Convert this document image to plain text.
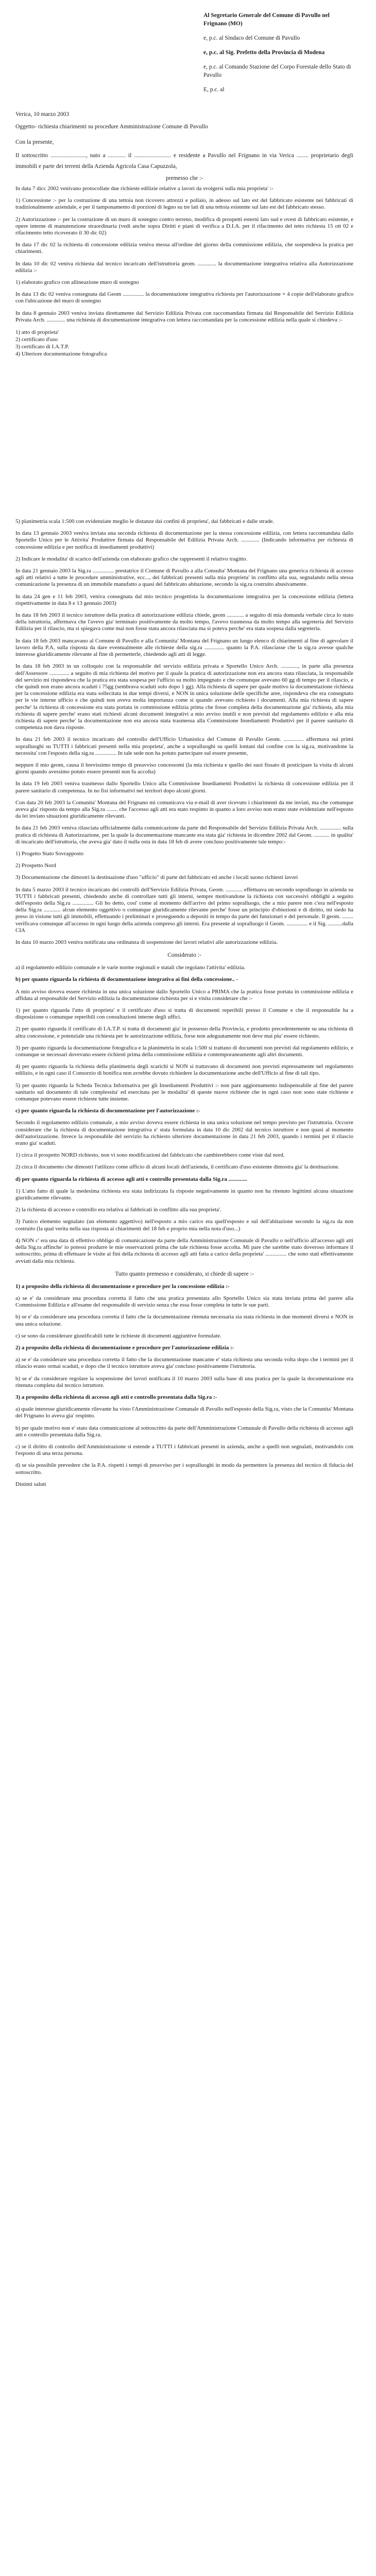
Al Segretario Generale del Comune di Pavullo nel Frignano (MO)
e, p.c. al Sindaco del Comune di Pavullo
e, p.c. al Sig. Prefetto della Provincia di Modena
e, p.c. al Comando Stazione del Corpo Forestale dello Stato di Pavullo
E, p.c. al
Verica, 10 marzo 2003
Oggetto- richiesta chiarimenti su procedure Amministrazione Comune di Pavullo
Con la presente,
Il sottoscritto ........................, nato a ............ il ......................... e residente a Pavullo nel Frignano in via Verica ........ proprietario degli immobili e parte dei terreni della Azienda Agricola Casa Capuzzola,
premesso che :-

In data 7 dicc 2002 venivano protocollate due richieste edilizie relative a lavori da svolgersi sulla mia proprieta' :-

1) Concessione :- per la costruzione di una tettoia non ricovero attrezzi e pollaio, in adesso sul lato est del fabbricato esistente nei fabbricati di tradizionalmente aziendale, e per il tamponamento di porzioni di legno su tre lati di una tettoia esistente sul lato est del fabbricato stesso.

2) Autorizzazione :- per la costruzione di un muro di sostegno contro terreno, modifica di prospetti esterni lato sud e ovest di fabbricato esistente, e opere interne di manutenzione straordinaria (vedi anche sopra Diritti e piani di verifica a D.I.A. per il rifacimento del tetto richiesta 15 ott 02 e rifacimento tetto ricoverato il 30 dic 02)

In data 17 dic 02 la richiesta di concessione edilizia veniva messa all'ordine del giorno della commissione edilizia, che sospendeva la pratica per chiarimenti.

In data 10 dic 02 veniva richiesta dal tecnico incaricato dell'istruttoria geom. ............. la documentazione integrativa relativa alla Autorizzazione edilizia :-

1) elaborato grafico con allineazione muro di sostegno

In data 13 dic 02 veniva consegnata dal Geom ............... la documentazione integrativa richiesta per l'autorizzazione + 4 copie dell'elaborato grafico con l'ubicazione del muro di sostegno

In data 8 gennaio 2003 veniva inviata direttamente dal Servizio Edilizia Privata con raccomandata firmata dal Responsabile del Servizio Edilizia Privata Arch. ............. una richiesta di documentazione integrativa con lettera raccomandata per la concessione edilizia nella quale si chiedeva :-

1) atto di proprieta'
2) certificato d'uso
3) certificato di I.A.T.P.
4) Ulteriore documentazione fotografica

5) planimetria scala 1:500 con evidenziate meglio le distanze dai confini di proprieta', dai fabbricati e dalle strade.

In data 13 gennaio 2003 veniva inviata una seconda richiesta di documentazione per la stessa concessione edilizia, con lettera raccomandata dallo Sportello Unico per le Attivita' Produttive firmata dal Responsabile del Edilizia Privata Arch. ............. (Indicando informativa per richiesta di concessione edilizia e per notifica di insediamenti produttivi)

2) Indicare le modalita' di scarico dell'azienda con elaborato grafico che rappresenti il relativo tragitto.

In data 21 gennaio 2003 la Sig.ra ............... prestatrice il Comune di Pavullo a alla Consulta' Montana del Frignano una generica richiesta di accesso agli atti relativi a tutte le procedure amministrative, ecc..., dei fabbricati presenti sulla mia proprieta' in conflitto alla sua, segnalando nella stessa comunicazione la presenza di un immobile manufatto a quasi del fabbricato abitazione, secondo la sig.ra costruito abusivamente.

In data 24 gen e 11 feb 2003, veniva consegnata dal mio tecnico progettista la documentazione integrativa per la concessione edilizia (lettera rispettivamente in data 8 e 13 gennaio 2003)

In data 18 feb 2003 il tecnico istruttore della pratica di autorizzazione edilizia chiede, geom ............ a seguito di mia domanda verbale circa lo stato della istruttoria, affermava che l'avevo gia' terminato positivamente da molto tempo, l'avevo trasmessa da molto tempo alla segreteria del Servizio Edilizia per il rilascio, ma si spiegava come mai non fosse stata ancora rilasciata ma si poteva perche' era stata sospesa dalla segreteria.

In data 18 feb 2003 mancavano al Comune di Pavullo e alla Comunita' Montana del Frignano un lungo elenco di chiarimenti al fine di agevolare il lavoro della P.A. sulla risposta da dare eventualmente alle richieste della sig.ra .............. quanto la P.A. rilasciasse che la sig.ra avesse qualche interesse giuridicamente rilevante al fine di permetterle, chiedendo agli atti di legge.

In data 18 feb 2003 in un colloquio con la responsabile del servizio edilizia privata e Sportello Unico Arch. ............, in parte alla presenza dell'Assessore .............. a seguito di mia richiesta del motivo per il quale la pratica di autorizzazione non era ancora stata rilasciata, la responsabile del servizio mi rispondeva che la pratica era stata sospesa per l'ufficio su molto impegnato e che comunque avevano 60 gg di tempo per il rilascio, e che quindi non erano ancora scaduti i 75gg (sembrava scaduti solo dopo 1 gg). Alla richiesta di sapere per quale motivo la documentazione richiesta per la concessione edilizia era stata sollecitata in due tempi diversi, e NON in unica soluzione delle specifiche aree, rispondeva che era consegnato per le vie interne ufficio e che quindi non aveva molta importanza come si quando avevano richiesto i documenti. Alla mia richiesta di sapere perche' la richiesta di concessione era stata portata in commissione edilizia prima che fosse completa della documentazione gia' richiesta, alla mia richiesta di sapere perche' erano stati richiesti alcuni documenti integrativi a mio avviso inutili e non previsti dal regolamento edilizio e alla mia richiesta di sapere perche' la documentazione non era ancora stata trasmessa alla Commissione Insediamenti Produttivi per il parere sanitario di competenza non dava risposte.

In data 21 feb 2003 il tecnico incaricato del controllo dell'Ufficio Urbanistica del Comune di Pavullo Geom. .............. affermava sui primi sopralluoghi su TUTTI i fabbricati presenti nella mia proprieta', anche a sopralluoghi su quelli lontani dal confine con la sig.ra, motivandone la necessita' con l'esposto della sig.ra ............... In tale sede non ha potuto partecipare sul essere presente,

neppure il mio geom, causa il brevissimo tempo di preavviso concessomi (la mia richiesta e quello dei suoi fissato di posticipare la visita di alcuni giorni quando avessimo potuto essere presenti non fu accolta)

In data 19 feb 2003 veniva trasmesso dallo Sportello Unico alla Commissione Insediamenti Produttivi la richiesta di concessione edilizia per il parere sanitario di competenza. In no fisi informativi nei territori dopo alcuni giorni.

Con data 20 feb 2003 la Comunita' Montana del Frignano mi comunicava via e-mail di aver ricevuto i chiarimenti da me inviati, ma che comunque aveva gia' risposto da tempo alla Sig.ra ........ che l'accesso agli atti era stato respinto in quanto a loro avviso non erano state evidenziate nell'esposto da lei inviato situazioni giuridicamente rilevanti.

In data 21 feb 2003 veniva rilasciata ufficialmente dalla comunicazione da parte del Responsabile del Servizio Edilizia Privata Arch. ............... sulla pratica di richiesta di Autorizzazione, per la quale la documentazione mancante era stata gia' richiesta in dicembre 2002 dal Geom. ........... in qualita' di incaricato dell'istruttoria, che aveva gia' dato il nulla osta in data 18 feb di avere concluso positivamente tale tempo:-

1) Progetto Stato Sovrapposto

2) Prospetto Nord

3) Documentazione che dimostri la destinazione d'uso "ufficio" di parte del fabbricato ed anche i locali suono richiesti lavori

In data 5 marzo 2003 il tecnico incaricato dei controlli dell'Servizio Edilizia Privata, Geom. ............ effettuava un secondo sopralluogo in azienda su TUTTI i fabbricati presenti, chiedendo anche di controllare tutti gli interni, sempre motivandone la richiesta con successivi obblighi a seguito dell'esposto della Sig.ra ............... Gli ho detto, cosi' come al momento dell'arrivo del primo sopralluogo, che a mio parere non c'era nell'esposto della Sig.ra ............ alcun elemento oggettivo o comunque giuridicamente rilevante perche' fosse un principio d'obiezioni e di diritto, mi siedo ha preso in visione tutti gli immobili, effettuando i preliminari e proseguendo a depositi in tempo da parte dei funzionari e del personale. Il geom. ........ verificava comunque all'accesso in ogni luogo della azienda compreso gli interni. Era presente al sopralluogo il Geom. ............... e il Sig. ..........dalla CIA

In data 10 marzo 2003 veniva notificata una ordinanza di sospensione dei lavori relativi alle autorizzazione edilizia.

Considerato :-

a) il regolamento edilizio comunale e le varie norme regionali e statali che regolano l'attivita' edilizia.

b) per quanto riguarda la richiesta di documentazione integrativa ai fini della concessione.. -

A mio avviso doveva essere richiesta in una unica soluzione dallo Sportello Unico a PRIMA che la pratica fosse portata in commissione edilizia e affidata al responsabile del Servizio edilizia la documentazione richiesta per si e visita considerare che :-

1) per quanto riguarda l'atto di proprieta' e il certificato d'uso si tratta di documenti reperibili presso il Comune e che il responsabile ha a disposizione o comunque reperibili con consultazioni interne degli uffici.

2) per quanto riguarda il certificato di I.A.T.P. si tratta di documenti gia' in possesso della Provincia, e prodotto precedentemente su una richiesta di altra concessione, e potenziale una richiesta per le autorizzazione edilizia, forse non adeguatamente non deve mai piu' essere richiesto.

3) per quanto riguarda la documentazione fotografica e la planimetria in scala 1:500 si trattano di documenti non previsti dal regolamento edilizio, e comunque se necessari dovevano essere richiesti prima della commissione edilizia e contemporaneamente agli altri documenti.

4) per quanto riguarda la richiesta della planimetria degli scarichi si NON si trattavano di documenti non previsti espressamente nel regolamento edilizio, e in ogni caso il Consorzio di bonifica non avrebbe dovuto richiedere la documentazione anche dell'Ufficio al fine di tali tipo.

5) per quanto riguarda la Scheda Tecnica Informativa per gli Insediamenti Produttivi :- non pare aggiornamento indispensabile al fine del parere sanitario sul documento di tale complessita' ed esercitata per le modalita' di queste nuove richieste che in ogni caso non sono state richieste e comunque potevano essere richieste tutte insieme.

c) per quanto riguarda la richiesta di documentazione per l'autorizzazione :-

Secondo il regolamento edilizio comunale, a mio avviso doveva essere richiesta in una unica soluzione nel tempo previsto per l'istruttoria. Occorre considerare che la richiesta di documentazione integrativa e' stata formulata in data 10 dic 2002 dal tecnico istruttore e non quasi al momento dell'autorizzazione. Invece la responsabile del servizio ha richiesto ulteriore documentazione in data 21 feb 2003, quando i termini per il rilascio erano gia' scaduti.

1) circa il prospetto NORD richiesto, non vi sono modificazioni del fabbricato che cambierebbero come viste dal nord.

2) circa il documento che dimostri l'utilizzo come ufficio di alcuni locali dell'azienda, il certificato d'uso esistente dimostra gia' la destinazione.

d) per quanto riguarda la richiesta di accesso agli atti e controllo presentata dalla Sig.ra .............

1) L'atto fatto di quale la medesima richiesta era stata indirizzata fa risposte negativamente in quanto non ha ritenuto legittimi alcuna situazione giuridicamente rilevante.

2) la richiesta di accesso e controllo era relativa ai fabbricati in conflitto alla sua proprieta'.

3) l'unico elemento segnalato (un elemento aggettivo) nell'esposto a mio carico era quell'esposto e sul dell'abitazione secondo la sig.ra da non costruito (la qual verita nella sua risposta ai chiarimenti del 18 feb e proprio mia nella nota d'uso...)

4) NON c' era una data di effettivo obbligo di comunicazione da parte della Amministrazione Comunale di Pavullo o nell'ufficio all'accesso agli atti della Sig.ra affinche' io potessi produrre le mie osservazioni prima che tale richiesta fosse accolta. Mi pare che sarebbe stato doveroso informare il sottoscritto, prima di effettuare le visite ai fini della richiesta di accesso agli atti fatta a carico della proprieta' ............... che sono stati effettivamente avviati dalla mia richiesta.

Tutto quanto premesso e considerato, si chiede di sapere :-

1) a proposito della richiesta di documentazione e procedure per la concessione edilizia :-

a) se e' da considerare una procedura corretta il fatto che una pratica presentata allo Sportello Unico sia stata inviata prima del parere alla Commissione Edilizia e all'esame del responsabile di servizio senza che essa fosse completa in tutte le sue parti.

b) se e' da considerare una procedura corretta il fatto che la documentazione ritenuta necessaria sia stata richiesta in due momenti diversi e NON in una unica soluzione.

c) se sono da considerare giustificabili tutte le richieste di documenti aggiuntive formulate.

2) a proposito della richiesta di documentazione e procedure per l'autorizzazione edilizia :-

a) se e' da considerare una procedura corretta il fatto che la documentazione mancante e' stata richiesta una seconda volta dopo che i termini per il rilascio erano ormai scaduti, e dopo che il tecnico istruttore aveva gia' concluso positivamente l'istruttoria.

b) se e' da considerare regolare la sospensione dei lavori notificata il 10 marzo 2003 sulla base di una pratica per la quale la documentazione era ritenuta completa dal tecnico istruttore.

3) a proposito della richiesta di accesso agli atti e controllo presentata dalla Sig.ra :-

a) quale interesse giuridicamente rilevante ha visto l'Amministrazione Comunale di Pavullo nell'esposto della Sig.ra, visto che la Comunita' Montana del Frignano lo aveva gia' respinto.

b) per quale motivo non e' stato data comunicazione al sottoscritto da parte dell'Amministrazione Comunale di Pavullo della richiesta di accesso agli atti e controllo presentata dalla Sig.ra.

c) se il diritto di controllo dell'Amministrazione si estende a TUTTI i fabbricati presenti in azienda, anche a quelli non segnalati, motivandolo con l'esposto di una terza persona.

d) se sia possibile prevedere che la P.A. rispetti i tempi di preavviso per i sopralluoghi in modo da permettere la presenza del tecnico di fiducia del sottoscritto.

Distinti saluti
